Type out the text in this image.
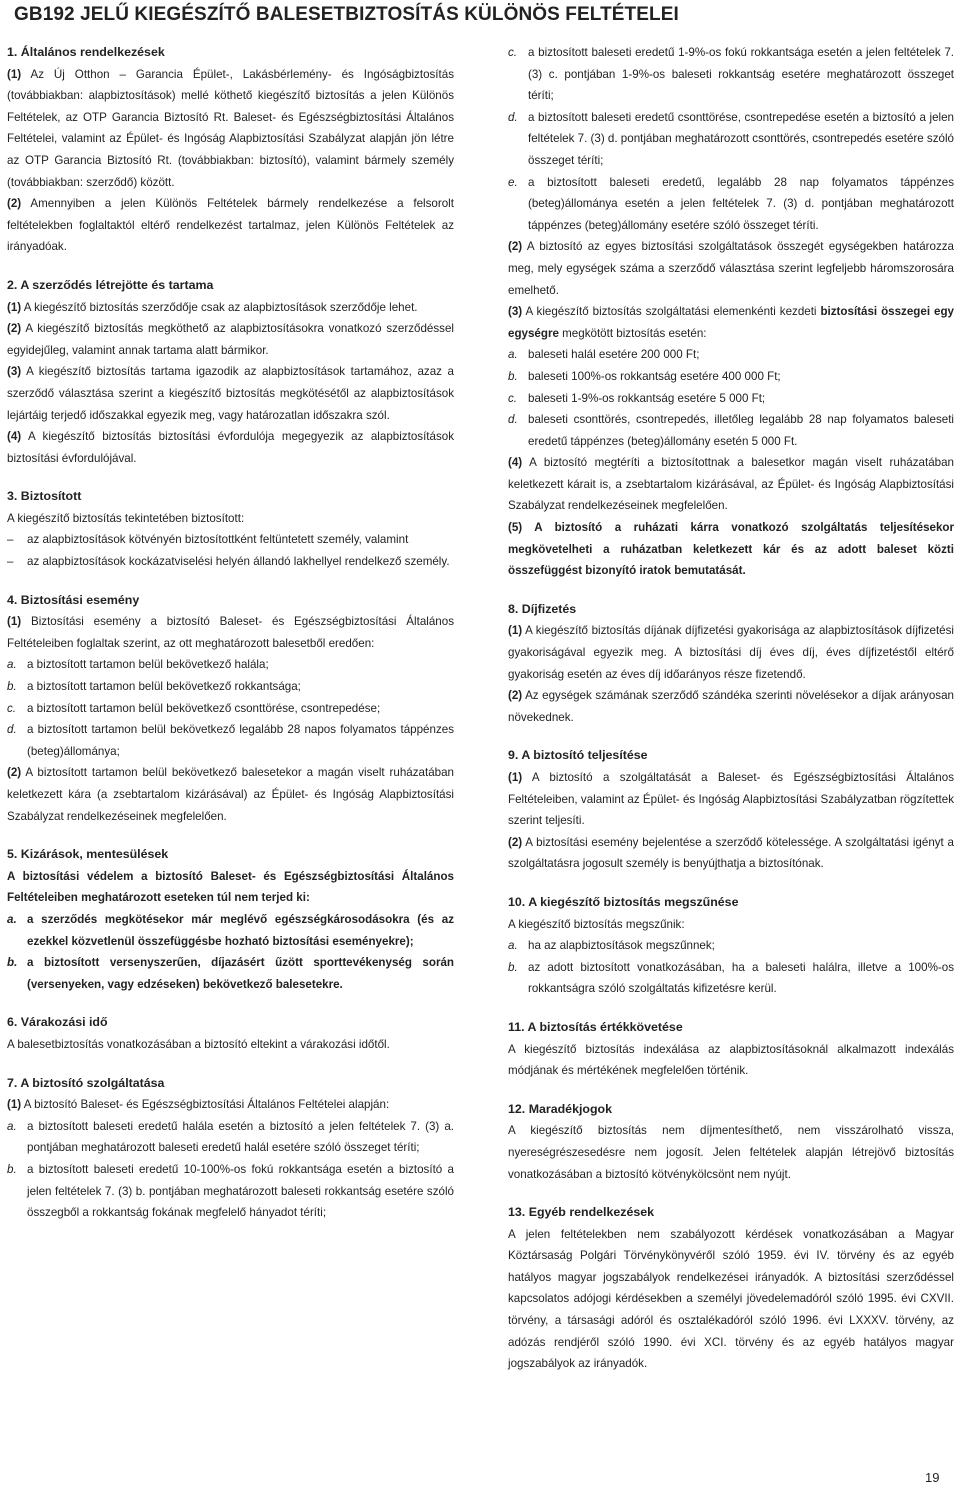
GB192 JELŰ KIEGÉSZÍTŐ BALESETBIZTOSÍTÁS KÜLÖNÖS FELTÉTELEI
1. Általános rendelkezések

(1) Az Új Otthon – Garancia Épület-, Lakásbérlemény- és Ingóságbiztosítás (továbbiakban: alapbiztosítások) mellé köthető kiegészítő biztosítás a jelen Különös Feltételek, az OTP Garancia Biztosító Rt. Baleset- és Egészségbiztosítási Általános Feltételei, valamint az Épület- és Ingóság Alapbiztosítási Szabályzat alapján jön létre az OTP Garancia Biztosító Rt. (továbbiakban: biztosító), valamint bármely személy (továbbiakban: szerződő) között.

(2) Amennyiben a jelen Különös Feltételek bármely rendelkezése a felsorolt feltételekben foglaltaktól eltérő rendelkezést tartalmaz, jelen Különös Feltételek az irányadóak.

2. A szerződés létrejötte és tartama

(1) A kiegészítő biztosítás szerződője csak az alapbiztosítások szerződője lehet.

(2) A kiegészítő biztosítás megköthető az alapbiztosításokra vonatkozó szerződéssel egyidejűleg, valamint annak tartama alatt bármikor.

(3) A kiegészítő biztosítás tartama igazodik az alapbiztosítások tartamához, azaz a szerződő választása szerint a kiegészítő biztosítás megkötésétől az alapbiztosítások lejártáig terjedő időszakkal egyezik meg, vagy határozatlan időszakra szól.

(4) A kiegészítő biztosítás biztosítási évfordulója megegyezik az alapbiztosítások biztosítási évfordulójával.

3. Biztosított

A kiegészítő biztosítás tekintetében biztosított:

– az alapbiztosítások kötvényén biztosítottként feltüntetett személy, valamint
– az alapbiztosítások kockázatviselési helyén állandó lakhellyel rendelkező személy.
4. Biztosítási esemény

(1) Biztosítási esemény a biztosító Baleset- és Egészségbiztosítási Általános Feltételeiben foglaltak szerint, az ott meghatározott balesetből eredően:

a. a biztosított tartamon belül bekövetkező halála;
b. a biztosított tartamon belül bekövetkező rokkantsága;
c. a biztosított tartamon belül bekövetkező csonttörése, csontrepedése;
d. a biztosított tartamon belül bekövetkező legalább 28 napos folyamatos táppénzes (beteg)állománya;

(2) A biztosított tartamon belül bekövetkező balesetekor a magán viselt ruházatában keletkezett kára (a zsebtartalom kizárásával) az Épület- és Ingóság Alapbiztosítási Szabályzat rendelkezéseinek megfelelően.

5. Kizárások, mentesülések

A biztosítási védelem a biztosító Baleset- és Egészségbiztosítási Általános Feltételeiben meghatározott eseteken túl nem terjed ki:

a. a szerződés megkötésekor már meglévő egészségkárosodásokra (és az ezekkel közvetlenül összefüggésbe hozható biztosítási eseményekre);
b. a biztosított versenyszerűen, díjazásért űzött sporttevékenység során (versenyeken, vagy edzéseken) bekövetkező balesetekre.
6. Várakozási idő

A balesetbiztosítás vonatkozásában a biztosító eltekint a várakozási időtől.

7. A biztosító szolgáltatása

(1) A biztosító Baleset- és Egészségbiztosítási Általános Feltételei alapján:

a. a biztosított baleseti eredetű halála esetén a biztosító a jelen feltételek 7. (3) a. pontjában meghatározott baleseti eredetű halál esetére szóló összeget téríti;
b. a biztosított baleseti eredetű 10-100%-os fokú rokkantsága esetén a biztosító a jelen feltételek 7. (3) b. pontjában meghatározott baleseti rokkantság esetére szóló összegből a rokkantság fokának megfelelő hányadot téríti;
c. a biztosított baleseti eredetű 1-9%-os fokú rokkantsága esetén a jelen feltételek 7. (3) c. pontjában 1-9%-os baleseti rokkantság esetére meghatározott összeget téríti;
d. a biztosított baleseti eredetű csonttörése, csontrepedése esetén a biztosító a jelen feltételek 7. (3) d. pontjában meghatározott csonttörés, csontrepedés esetére szóló összeget téríti;
e. a biztosított baleseti eredetű, legalább 28 nap folyamatos táppénzes (beteg)állománya esetén a jelen feltételek 7. (3) d. pontjában meghatározott táppénzes (beteg)állomány esetére szóló összeget téríti.

(2) A biztosító az egyes biztosítási szolgáltatások összegét egységekben határozza meg, mely egységek száma a szerződő választása szerint legfeljebb háromszorosára emelhető.

(3) A kiegészítő biztosítás szolgáltatási elemenkénti kezdeti biztosítási összegei egy egységre megkötött biztosítás esetén:

a. baleseti halál esetére 200 000 Ft;
b. baleseti 100%-os rokkantság esetére 400 000 Ft;
c. baleseti 1-9%-os rokkantság esetére 5 000 Ft;
d. baleseti csonttörés, csontrepedés, illetőleg legalább 28 nap folyamatos baleseti eredetű táppénzes (beteg)állomány esetén 5 000 Ft.

(4) A biztosító megtéríti a biztosítottnak a balesetkor magán viselt ruházatában keletkezett kárait is, a zsebtartalom kizárásával, az Épület- és Ingóság Alapbiztosítási Szabályzat rendelkezéseinek megfelelően.

(5) A biztosító a ruházati kárra vonatkozó szolgáltatás teljesítésekor megkövetelheti a ruházatban keletkezett kár és az adott baleset közti összefüggést bizonyító iratok bemutatását.

8. Díjfizetés

(1) A kiegészítő biztosítás díjának díjfizetési gyakorisága az alapbiztosítások díjfizetési gyakoriságával egyezik meg. A biztosítási díj éves díj, éves díjfizetéstől eltérő gyakoriság esetén az éves díj időarányos része fizetendő.

(2) Az egységek számának szerződő szándéka szerinti növelésekor a díjak arányosan növekednek.

9. A biztosító teljesítése

(1) A biztosító a szolgáltatását a Baleset- és Egészségbiztosítási Általános Feltételeiben, valamint az Épület- és Ingóság Alapbiztosítási Szabályzatban rögzítettek szerint teljesíti.

(2) A biztosítási esemény bejelentése a szerződő kötelessége. A szolgáltatási igényt a szolgáltatásra jogosult személy is benyújthatja a biztosítónak.

10. A kiegészítő biztosítás megszűnése

A kiegészítő biztosítás megszűnik:

a. ha az alapbiztosítások megszűnnek;
b. az adott biztosított vonatkozásában, ha a baleseti halálra, illetve a 100%-os rokkantságra szóló szolgáltatás kifizetésre kerül.
11. A biztosítás értékkövetése

A kiegészítő biztosítás indexálása az alapbiztosításoknál alkalmazott indexálás módjának és mértékének megfelelően történik.

12. Maradékjogok

A kiegészítő biztosítás nem díjmentesíthető, nem visszárolható vissza, nyereségrészesedésre nem jogosít. Jelen feltételek alapján létrejövő biztosítás vonatkozásában a biztosító kötvénykölcsönt nem nyújt.

13. Egyéb rendelkezések

A jelen feltételekben nem szabályozott kérdések vonatkozásában a Magyar Köztársaság Polgári Törvénykönyvéről szóló 1959. évi IV. törvény és az egyéb hatályos magyar jogszabályok rendelkezései irányadók. A biztosítási szerződéssel kapcsolatos adójogi kérdésekben a személyi jövedelemadóról szóló 1995. évi CXVII. törvény, a társasági adóról és osztalékadóról szóló 1996. évi LXXXV. törvény, az adózás rendjéről szóló 1990. évi XCI. törvény és az egyéb hatályos magyar jogszabályok az irányadók.

19
